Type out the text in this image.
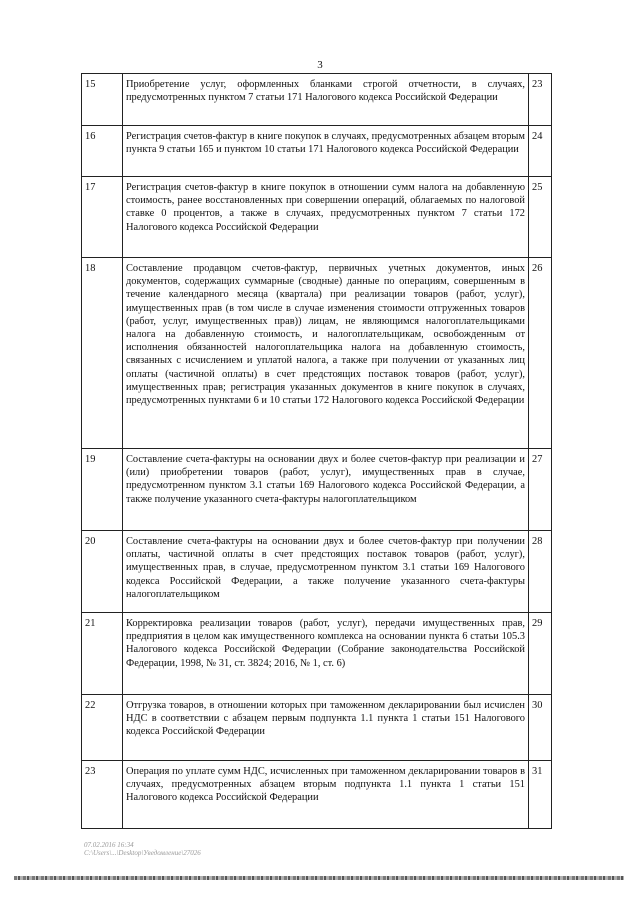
3
15	Приобретение услуг, оформленных бланками строгой отчетности, в случаях, предусмотренных пунктом 7 статьи 171 Налогового кодекса Российской Федерации	23
16	Регистрация счетов-фактур в книге покупок в случаях, предусмотренных абзацем вторым пункта 9 статьи 165 и пунктом 10 статьи 171 Налогового кодекса Российской Федерации	24
17	Регистрация счетов-фактур в книге покупок в отношении сумм налога на добавленную стоимость, ранее восстановленных при совершении операций, облагаемых по налоговой ставке 0 процентов, а также в случаях, предусмотренных пунктом 7 статьи 172 Налогового кодекса Российской Федерации	25
18	Составление продавцом счетов-фактур, первичных учетных документов, иных документов, содержащих суммарные (сводные) данные по операциям, совершенным в течение календарного месяца (квартала) при реализации товаров (работ, услуг), имущественных прав (в том числе в случае изменения стоимости отгруженных товаров (работ, услуг, имущественных прав)) лицам, не являющимся налогоплательщиками налога на добавленную стоимость, и налогоплательщикам, освобожденным от исполнения обязанностей налогоплательщика налога на добавленную стоимость, связанных с исчислением и уплатой налога, а также при получении от указанных лиц оплаты (частичной оплаты) в счет предстоящих поставок товаров (работ, услуг), имущественных прав; регистрация указанных документов в книге покупок в случаях, предусмотренных пунктами 6 и 10 статьи 172 Налогового кодекса Российской Федерации	26
19	Составление счета-фактуры на основании двух и более счетов-фактур при реализации и (или) приобретении товаров (работ, услуг), имущественных прав в случае, предусмотренном пунктом 3.1 статьи 169 Налогового кодекса Российской Федерации, а также получение указанного счета-фактуры налогоплательщиком	27
20	Составление счета-фактуры на основании двух и более счетов-фактур при получении оплаты, частичной оплаты в счет предстоящих поставок товаров (работ, услуг), имущественных прав, в случае, предусмотренном пунктом 3.1 статьи 169 Налогового кодекса Российской Федерации, а также получение указанного счета-фактуры налогоплательщиком	28
21	Корректировка реализации товаров (работ, услуг), передачи имущественных прав, предприятия в целом как имущественного комплекса на основании пункта 6 статьи 105.3 Налогового кодекса Российской Федерации (Собрание законодательства Российской Федерации, 1998, № 31, ст. 3824; 2016, № 1, ст. 6)	29
22	Отгрузка товаров, в отношении которых при таможенном декларировании был исчислен НДС в соответствии с абзацем первым подпункта 1.1 пункта 1 статьи 151 Налогового кодекса Российской Федерации	30
23	Операция по уплате сумм НДС, исчисленных при таможенном декларировании товаров в случаях, предусмотренных абзацем вторым подпункта 1.1 пункта 1 статьи 151 Налогового кодекса Российской Федерации	31
07.02.2016 16:34
С:\Users\...\Desktop\Уведомление\27026
